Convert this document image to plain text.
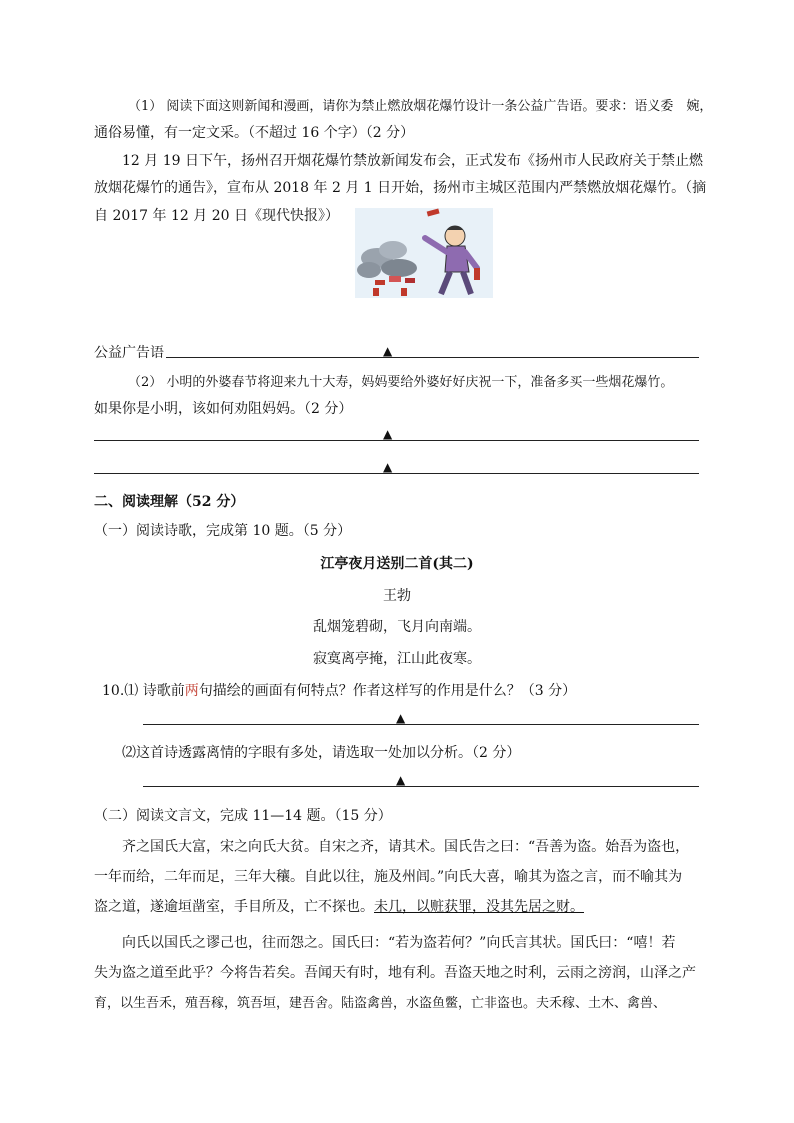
（1） 阅读下面这则新闻和漫画，请你为禁止燃放烟花爆竹设计一条公益广告语。要求：语义委　婉，
通俗易懂，有一定文采。（不超过 16 个字）（2 分）
12 月 19 日下午，扬州召开烟花爆竹禁放新闻发布会，正式发布《扬州市人民政府关于禁止燃
放烟花爆竹的通告》，宣布从 2018 年 2 月 1 日开始，扬州市主城区范围内严禁燃放烟花爆竹。（摘
自 2017 年 12 月 20 日《现代快报》）
公益广告语	▲
（2） 小明的外婆春节将迎来九十大寿，妈妈要给外婆好好庆祝一下，准备多买一些烟花爆竹。
如果你是小明，该如何劝阻妈妈。（2 分）
▲
▲
二、阅读理解（52 分）
（一）阅读诗歌，完成第 10 题。（5 分）
江亭夜月送别二首(其二)
王勃
乱烟笼碧砌，飞月向南端。
寂寞离亭掩，江山此夜寒。
10.⑴ 诗歌前两句描绘的画面有何特点？作者这样写的作用是什么？（3 分）
▲
⑵这首诗透露离情的字眼有多处，请选取一处加以分析。（2 分）
▲
（二）阅读文言文，完成 11—14 题。（15 分）
齐之国氏大富，宋之向氏大贫。自宋之齐，请其术。国氏告之曰：“吾善为盗。始吾为盗也，
一年而给，二年而足，三年大穰。自此以往，施及州闾。”向氏大喜，喻其为盗之言，而不喻其为
盗之道，遂逾垣凿室，手目所及，亡不探也。未几，以赃获罪，没其先居之财。
向氏以国氏之谬己也，往而怨之。国氏曰：“若为盗若何？”向氏言其状。国氏曰：“嘻！若
失为盗之道至此乎？今将告若矣。吾闻天有时，地有利。吾盗天地之时利，云雨之滂润，山泽之产
育，以生吾禾，殖吾稼，筑吾垣，建吾舍。陆盗禽兽，水盗鱼鳖，亡非盗也。夫禾稼、土木、禽兽、
